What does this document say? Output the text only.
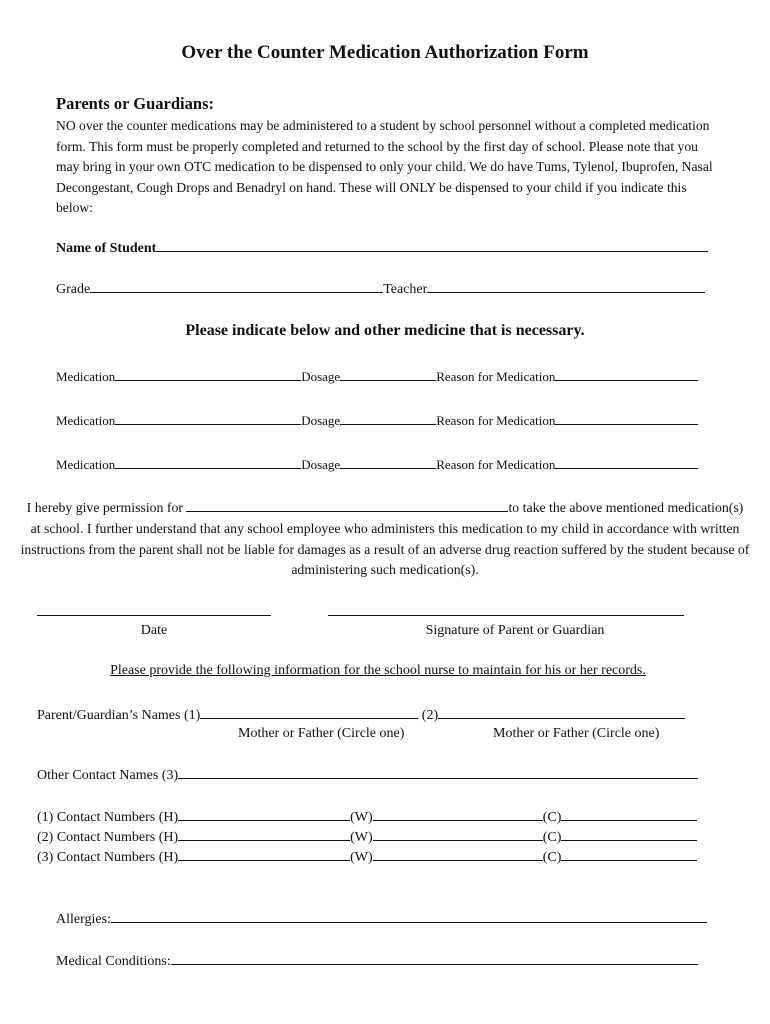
Over the Counter Medication Authorization Form
Parents or Guardians:
NO over the counter medications may be administered to a student by school personnel without a completed medication form. This form must be properly completed and returned to the school by the first day of school. Please note that you may bring in your own OTC medication to be dispensed to only your child. We do have Tums, Tylenol, Ibuprofen, Nasal Decongestant, Cough Drops and Benadryl on hand. These will ONLY be dispensed to your child if you indicate this below:
Name of Student
Grade	Teacher
Please indicate below and other medicine that is necessary.
Medication	Dosage	Reason for Medication
Medication	Dosage	Reason for Medication
Medication	Dosage	Reason for Medication
I hereby give permission for	to take the above mentioned medication(s) at school. I further understand that any school employee who administers this medication to my child in accordance with written instructions from the parent shall not be liable for damages as a result of an adverse drug reaction suffered by the student because of administering such medication(s).
Date	Signature of Parent or Guardian
Please provide the following information for the school nurse to maintain for his or her records.
Parent/Guardian’s Names (1)	(2)
Mother or Father (Circle one)	Mother or Father (Circle one)
Other Contact Names (3)
(1) Contact Numbers (H)	(W)	(C)
(2) Contact Numbers (H)	(W)	(C)
(3) Contact Numbers (H)	(W)	(C)
Allergies:
Medical Conditions:
